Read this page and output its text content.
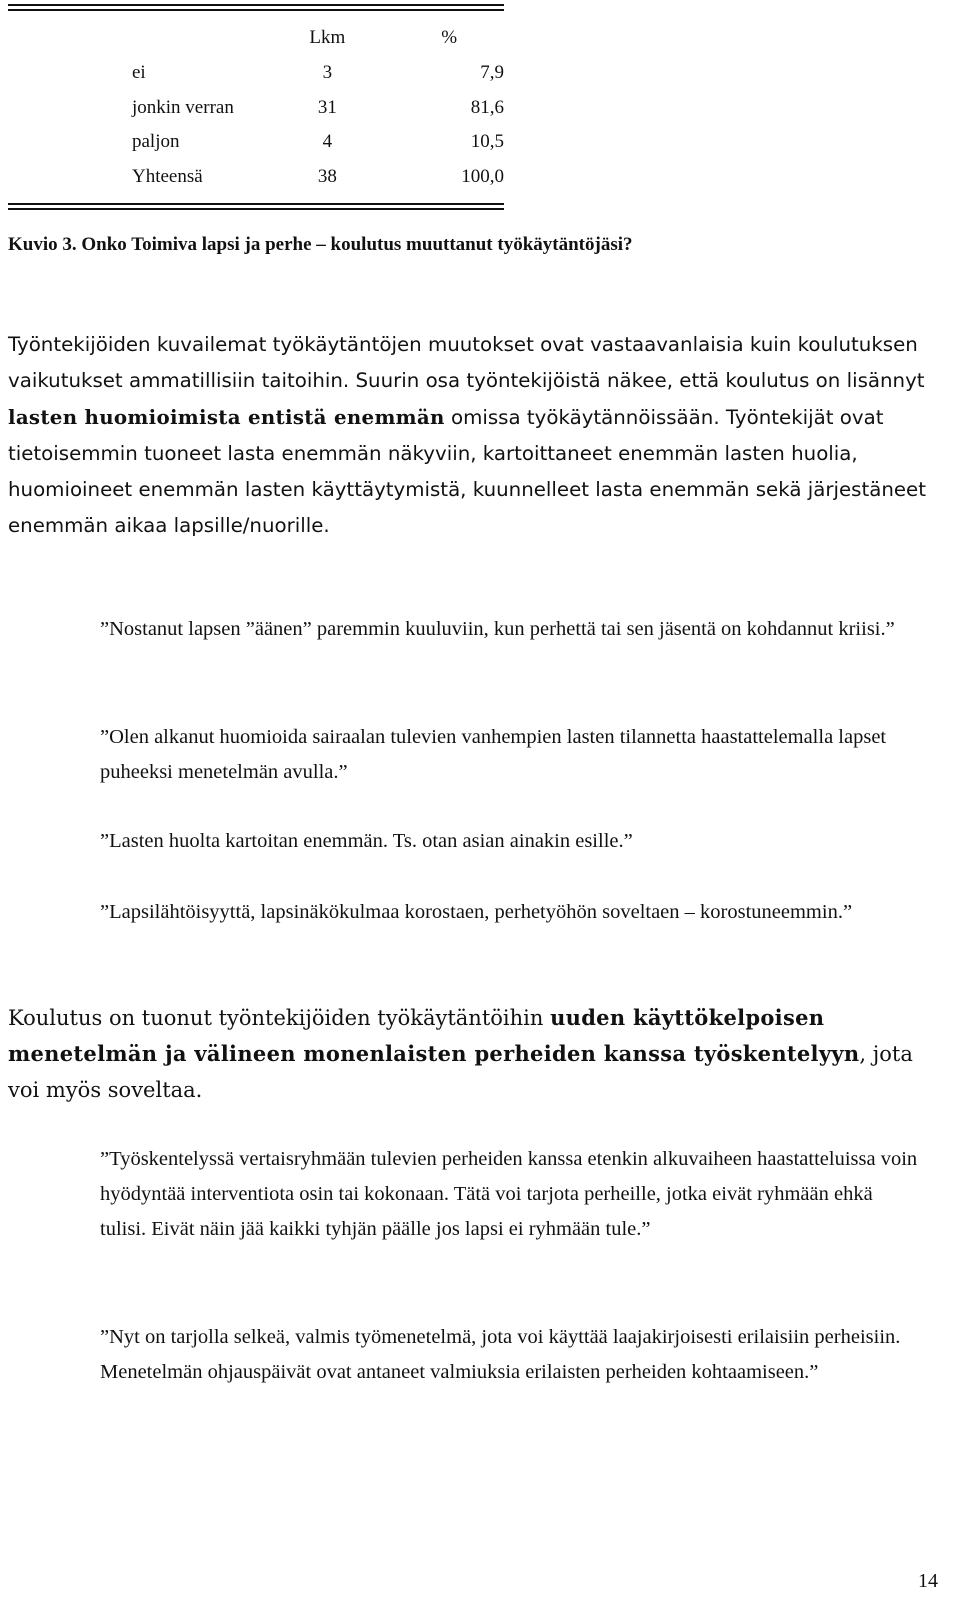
	Lkm	%
ei	3	7,9
jonkin verran	31	81,6
paljon	4	10,5
Yhteensä	38	100,0
Kuvio 3. Onko Toimiva lapsi ja perhe – koulutus muuttanut työkäytäntöjäsi?

Työntekijöiden kuvailemat työkäytäntöjen muutokset ovat vastaavanlaisia kuin koulutuksen vaikutukset ammatillisiin taitoihin. Suurin osa työntekijöistä näkee, että koulutus on lisännyt lasten huomioimista entistä enemmän omissa työkäytännöissään. Työntekijät ovat tietoisemmin tuoneet lasta enemmän näkyviin, kartoittaneet enemmän lasten huolia, huomioineet enemmän lasten käyttäytymistä, kuunnelleet lasta enemmän sekä järjestäneet enemmän aikaa lapsille/nuorille.

”Nostanut lapsen ”äänen” paremmin kuuluviin, kun perhettä tai sen jäsentä on kohdannut kriisi.”

”Olen alkanut huomioida sairaalan tulevien vanhempien lasten tilannetta haastattelemalla lapset puheeksi menetelmän avulla.”

”Lasten huolta kartoitan enemmän. Ts. otan asian ainakin esille.”

”Lapsilähtöisyyttä, lapsinäkökulmaa korostaen, perhetyöhön soveltaen – korostuneemmin.”

Koulutus on tuonut työntekijöiden työkäytäntöihin uuden käyttökelpoisen menetelmän ja välineen monenlaisten perheiden kanssa työskentelyyn, jota voi myös soveltaa.

”Työskentelyssä vertaisryhmään tulevien perheiden kanssa etenkin alkuvaiheen haastatteluissa voin hyödyntää interventiota osin tai kokonaan. Tätä voi tarjota perheille, jotka eivät ryhmään ehkä tulisi. Eivät näin jää kaikki tyhjän päälle jos lapsi ei ryhmään tule.”

”Nyt on tarjolla selkeä, valmis työmenetelmä, jota voi käyttää laajakirjoisesti erilaisiin perheisiin. Menetelmän ohjauspäivät ovat antaneet valmiuksia erilaisten perheiden kohtaamiseen.”

14
